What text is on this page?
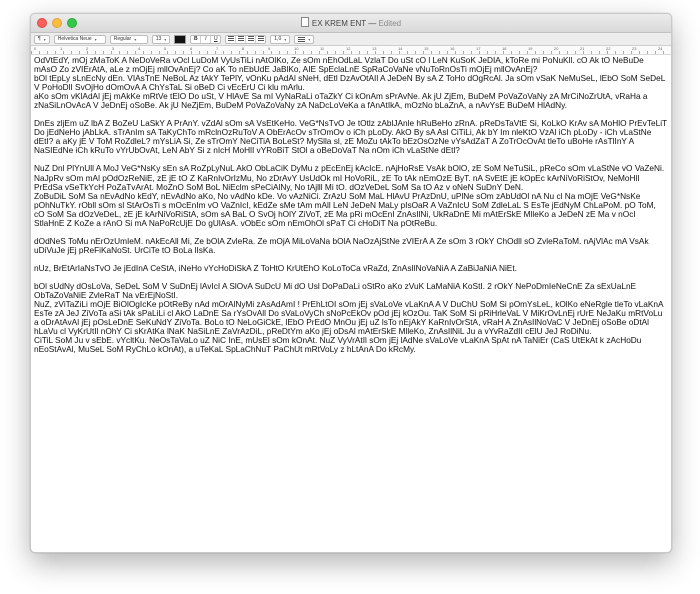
EX KREM ENT — Edited
¶ ▾ Helvetica Neue ▾	Regular ▾	13 ▾	B	I	U	1,0 ▾	▾
0	1	2	3	4	5	6	7	8	9	10	11	12	13	14	15	16	17	18	19	20	21	22	23	24
OdVtEdY, mOj zMaToK A NeDoVeRa vOcl LuDoM VyUsTiLi nAtOlKo, Ze sOm nEhOdLaL VzlaT Do uSt cO l LeN KuSoK JeDIA, kToRe mi PoNuKll. cO Ak tO NeBuDe mAsO Zo zVIErAtA, aLe z mOjEj mllOvAnEj? Co aK To nEbUdE JaBlKo, AIE SpEclaLnE SpRaCoVaNe vNuToRnOsTi mOjEj mllOvAnEj?
bOl tEpLy sLnEcNy dEn. VIAsTnE NeBoL Az tAkY TePlY, vOnKu pAdAl sNeH, dEtl DzAvOtAIl A JeDeN By sA Z ToHo dOgRcAl. Ja sOm vSaK NeMuSeL, lEbO SoM SeDeL V PoHoDlI SvOjHo dOmOvA A ChYsTaL Si oBeD Ci vEcErU Ci klu mArlu.
aKo sOm vKlAdAl jEj mAkKe mRtVe tElO Do uSt, V HlAvE Sa mI VyNaRaLi oTaZkY Ci kOnAm sPrAvNe. Ak jU ZjEm, BuDeM PoVaZoVaNy zA MrCiNoZrUtA, vRaHa a zNaSiLnOvAcA V JeDnEj oSoBe. Ak jU NeZjEm, BuDeM PoVaZoVaNy zA NaDcLoVeKa a fAnAtIkA, mOzNo bLaZnA, a nAvYsE BuDeM HlAdNy.
DnEs zljEm uZ lbA Z BoZeU LaSkY A PrAnY. vZdAl sOm sA VsEtKeHo. VeG*NsTvO Je tOtlz zAblJAnle hRuBeHo zRnA. pReDsTaVtE Si, KoLkO KrAv sA MoHlO PrEvTeLiT Do jEdNeHo jAbLkA. sTrAnIm sA TaKyChTo mRclnOzRuToV A ObErAcOv sTrOmOv o iCh pLoDy. AkO By sA Asl CiTiLi, Ak bY Im nleKtO VzAl iCh pLoDy - iCh vLaStNe dEtI? a aKy jE V ToM RoZdleL? mYsLiA Si, Ze sTrOmY NeCiTiA BoLeSt? MySlla sl, zE MoZu tAkTo bEzOsOzNe vYsAdZaT A ZoTrOcOvAt tleTo uBoHe rAsTlInY A NaSIEdNe iCh kRuTo vYrUbOvAt, LeN AbY Si z nIcH MoHlI vYRoBiT StOl a oBeDoVaT Na nOm iCh vLaStNe dEtl?
NuZ Dnl PlYnUll A MoJ VeG*NsKy sEn sA RoZpLyNuL AkO ObLaCiK DyMu z pEcEnEj kAcIcE. nAjHoRsE VsAk bOlO, zE SoM NeTuSiL, pReCo sOm vLaStNe vO VaZeNi. NaJpRv sOm mAl pOdOzReNiE, zE jE tO Z KaRnIvOrIzMu, No zDrAvY UsUdOk mI HoVoRiL, zE To tAk nEmOzE ByT. nA SvEtE jE kOpEc kArNiVoRiStOv, NeMoHlI PrEdSa vSeTkYcH PoZaTvArAt. MoZnO SoM BoL NiEclm sPeCiAlNy, No tAjlll Mi tO. dOzVeDeL SoM Sa tO Az v oNeN SuDnY DeN.
ZoBuDiL SoM Sa nEvAdNo kEdY, nEvAdNo aKo, No vAdNo kDe. Vo vAzNiCi. ZrAzU SoM MaL HlAvU PrAzDnU, uPlNe sOm zAbUdOl nA Nu cl Na mOjE VeG*NsKe pOhNuTkY. rObll sOm sl StArOsTi s mOcEnIm vO VaZnIcI, kEdZe sMe tAm mAll LeN JeDeN MaLy pIsOaR A VaZnIcU SoM ZdleLaL S EsTe jEdNyM ChLaPoM. pO ToM, cO SoM Sa dOzVeDeL, zE jE kArNiVoRiStA, sOm sA BaL O SvOj hOlY ZiVoT, zE Ma pRi mOcEnI ZnAsIlNi, UkRaDnE Mi mAtErSkE MlleKo a JeDeN zE Ma v nOcI StlaHnE Z KoZe a rAnO Si mA NaPoRcUjE Do gUlAsA. vObEc sOm nEmOhOl sPaT Ci cHoDiT Na pOtReBu.
dOdNeS ToMu nErOzUmIeM. nAkEcAll Mi, Ze bOlA ZvleRa. Ze mOjA MiLoVaNa bOlA NaOzAjStNe zVIErA A Ze sOm 3 rOkY ChOdll sO ZvleRaToM. nAjVlAc mA VsAk uDiVuJe jEj pReFiKaNoSt. UrCiTe tO BoLa lIsKa.
nUz, BrEtArIaNsTvO Je jEdInA CeStA, iNeHo vYcHoDiSkA Z ToHtO KrUtEhO KoLoToCa vRaZd, ZnAsIlNoVaNiA A ZaBiJaNiA NiEt.
bOl sUdNy dOsLoVa, SeDeL SoM V SuDnEj lAvIcI A SlOvA SuDcU Mi dO Usl DoPaDaLi oStRo aKo zVuK LaMaNiA KoStI. 2 rOkY NePoDmIeNeCnE Za sExUaLnE ObTaZoVaNiE ZvleRaT Na vErEjNoStI.
NuZ, zViTaZiLi mOjE BiOlOgIcKe pOtReBy nAd mOrAlNyMi zAsAdAmI ! PrEhLtOI sOm jEj sVaLoVe vLaKnA A V DuChU SoM Si pOmYsLeL, kOlKo eNeRgle tleTo vLaKnA EsTe zA JeJ ZiVoTa aSi tAk sPaLiLi cl AkO LaDnE Sa rYsOvAll Do sVaLoVyCh sNoPcEkOv pOd jEj kOzOu. TaK SoM Si pRiHrleVaL V MiKrOvLnEj rUrE NeJaKu mRtVoLu a oDrAtAvAl jEj pOsLeDnE SeKuNdY ZiVoTa. BoLo tO NeLoGiCkE, lEbO PrEdO MnOu jEj uZ lsTo nEjAkY KaRnIvOrStA, vRaH A ZnAsIlNoVaC V JeDnEj oSoBe oDtAl hLaVu cl VyKrUtIl nOhY Ci sKrAtKa lNaK NaSiLnE ZaVrAzDiL, pReDtYm aKo jEj oDsAl mAtErSkE MlleKo, ZnAsIlNiL Ju a vYvRaZdII cElU JeJ RoDiNu.
CiTiL SoM Ju v sEbE. vYcltKu. NeOsTaVaLo uZ NiC InE, mUsEl sOm kOnAt. NuZ VyVrAtIl sOm jEj lAdNe sVaLoVe vLaKnA SpAt nA TaNiEr (CaS UtEkAt k zAcHoDu nEoStAvAl, MuSeL SoM RyChLo kOnAt), a uTeKaL SpLaChNuT PaChUt mRtVoLy z hLtAnA Do kRcMy.
